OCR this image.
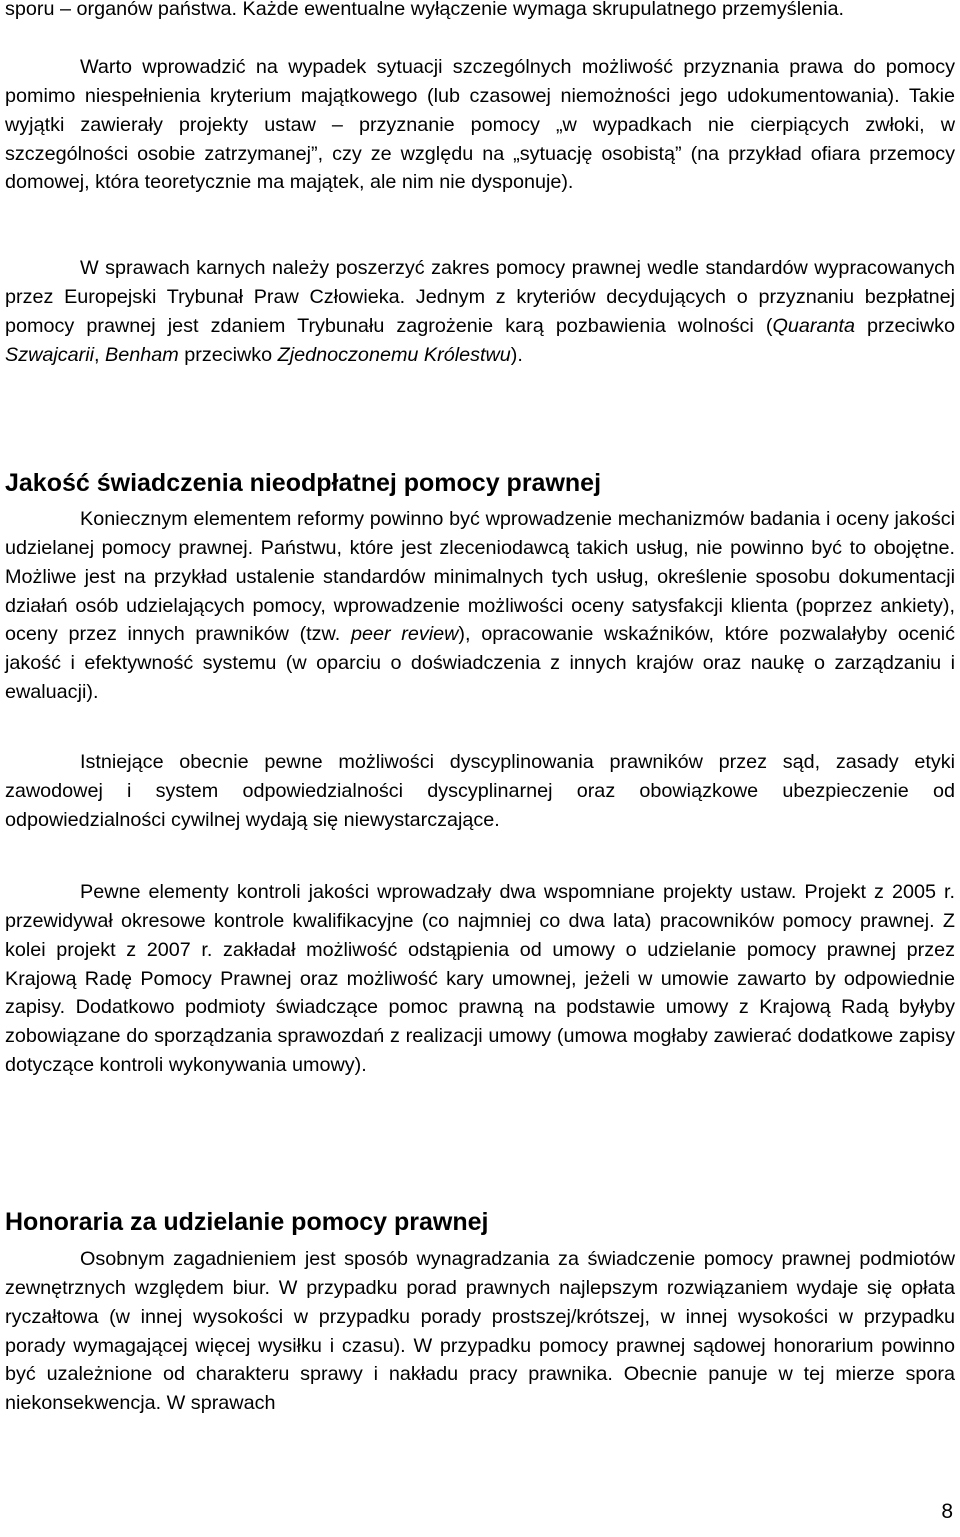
sporu – organów państwa. Każde ewentualne wyłączenie wymaga skrupulatnego przemyślenia.

Warto wprowadzić na wypadek sytuacji szczególnych możliwość przyznania prawa do pomocy pomimo niespełnienia kryterium majątkowego (lub czasowej niemożności jego udokumentowania). Takie wyjątki zawierały projekty ustaw – przyznanie pomocy „w wypadkach nie cierpiących zwłoki, w szczególności osobie zatrzymanej”, czy ze względu na „sytuację osobistą” (na przykład ofiara przemocy domowej, która teoretycznie ma majątek, ale nim nie dysponuje).

W sprawach karnych należy poszerzyć zakres pomocy prawnej wedle standardów wypracowanych przez Europejski Trybunał Praw Człowieka. Jednym z kryteriów decydujących o przyznaniu bezpłatnej pomocy prawnej jest zdaniem Trybunału zagrożenie karą pozbawienia wolności (Quaranta przeciwko Szwajcarii, Benham przeciwko Zjednoczonemu Królestwu).

Jakość świadczenia nieodpłatnej pomocy prawnej

Koniecznym elementem reformy powinno być wprowadzenie mechanizmów badania i oceny jakości udzielanej pomocy prawnej. Państwu, które jest zleceniodawcą takich usług, nie powinno być to obojętne. Możliwe jest na przykład ustalenie standardów minimalnych tych usług, określenie sposobu dokumentacji działań osób udzielających pomocy, wprowadzenie możliwości oceny satysfakcji klienta (poprzez ankiety), oceny przez innych prawników (tzw. peer review), opracowanie wskaźników, które pozwalałyby ocenić jakość i efektywność systemu (w oparciu o doświadczenia z innych krajów oraz naukę o zarządzaniu i ewaluacji).

Istniejące obecnie pewne możliwości dyscyplinowania prawników przez sąd, zasady etyki zawodowej i system odpowiedzialności dyscyplinarnej oraz obowiązkowe ubezpieczenie od odpowiedzialności cywilnej wydają się niewystarczające.

Pewne elementy kontroli jakości wprowadzały dwa wspomniane projekty ustaw. Projekt z 2005 r. przewidywał okresowe kontrole kwalifikacyjne (co najmniej co dwa lata) pracowników pomocy prawnej. Z kolei projekt z 2007 r. zakładał możliwość odstąpienia od umowy o udzielanie pomocy prawnej przez Krajową Radę Pomocy Prawnej oraz możliwość kary umownej, jeżeli w umowie zawarto by odpowiednie zapisy. Dodatkowo podmioty świadczące pomoc prawną na podstawie umowy z Krajową Radą byłyby zobowiązane do sporządzania sprawozdań z realizacji umowy (umowa mogłaby zawierać dodatkowe zapisy dotyczące kontroli wykonywania umowy).

Honoraria za udzielanie pomocy prawnej

Osobnym zagadnieniem jest sposób wynagradzania za świadczenie pomocy prawnej podmiotów zewnętrznych względem biur. W przypadku porad prawnych najlepszym rozwiązaniem wydaje się opłata ryczałtowa (w innej wysokości w przypadku porady prostszej/krótszej, w innej wysokości w przypadku porady wymagającej więcej wysiłku i czasu). W przypadku pomocy prawnej sądowej honorarium powinno być uzależnione od charakteru sprawy i nakładu pracy prawnika. Obecnie panuje w tej mierze spora niekonsekwencja. W sprawach

8
